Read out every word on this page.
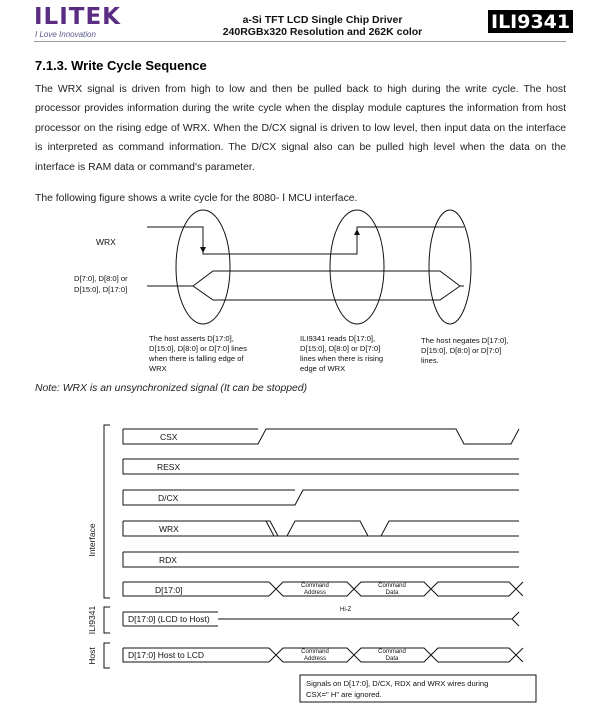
ILITEK
I Love Innovation
a-Si TFT LCD Single Chip Driver
240RGBx320 Resolution and 262K color	ILI9341
7.1.3. Write Cycle Sequence
The WRX signal is driven from high to low and then be pulled back to high during the write cycle. The host processor provides information during the write cycle when the display module captures the information from host processor on the rising edge of WRX. When the D/CX signal is driven to low level, then input data on the interface is interpreted as command information. The D/CX signal also can be pulled high level when the data on the interface is RAM data or command's parameter.
The following figure shows a write cycle for the 8080- Ⅰ MCU interface.
WRX
D[7:0], D[8:0] or
D[15:0], D[17:0]
The host asserts D[17:0],
D[15:0], D[8:0] or D[7:0] lines
when there is falling edge of
WRX
ILI9341 reads D[17:0],
D[15:0], D[8:0] or D[7:0]
lines when there is rising
edge of WRX
The host negates D[17:0],
D[15:0], D[8:0] or D[7:0]
lines.
Note: WRX is an unsynchronized signal (It can be stopped)
Interface
ILI9341
Host
CSX
RESX
D/CX
WRX
RDX
D[17:0]
D[17:0] (LCD to Host)
D[17:0] Host to LCD
Hi-Z
Command
Address
Command
Data
Command
Address
Command
Data
Signals on D[17:0], D/CX, RDX and WRX wires during
CSX=" H" are ignored.
